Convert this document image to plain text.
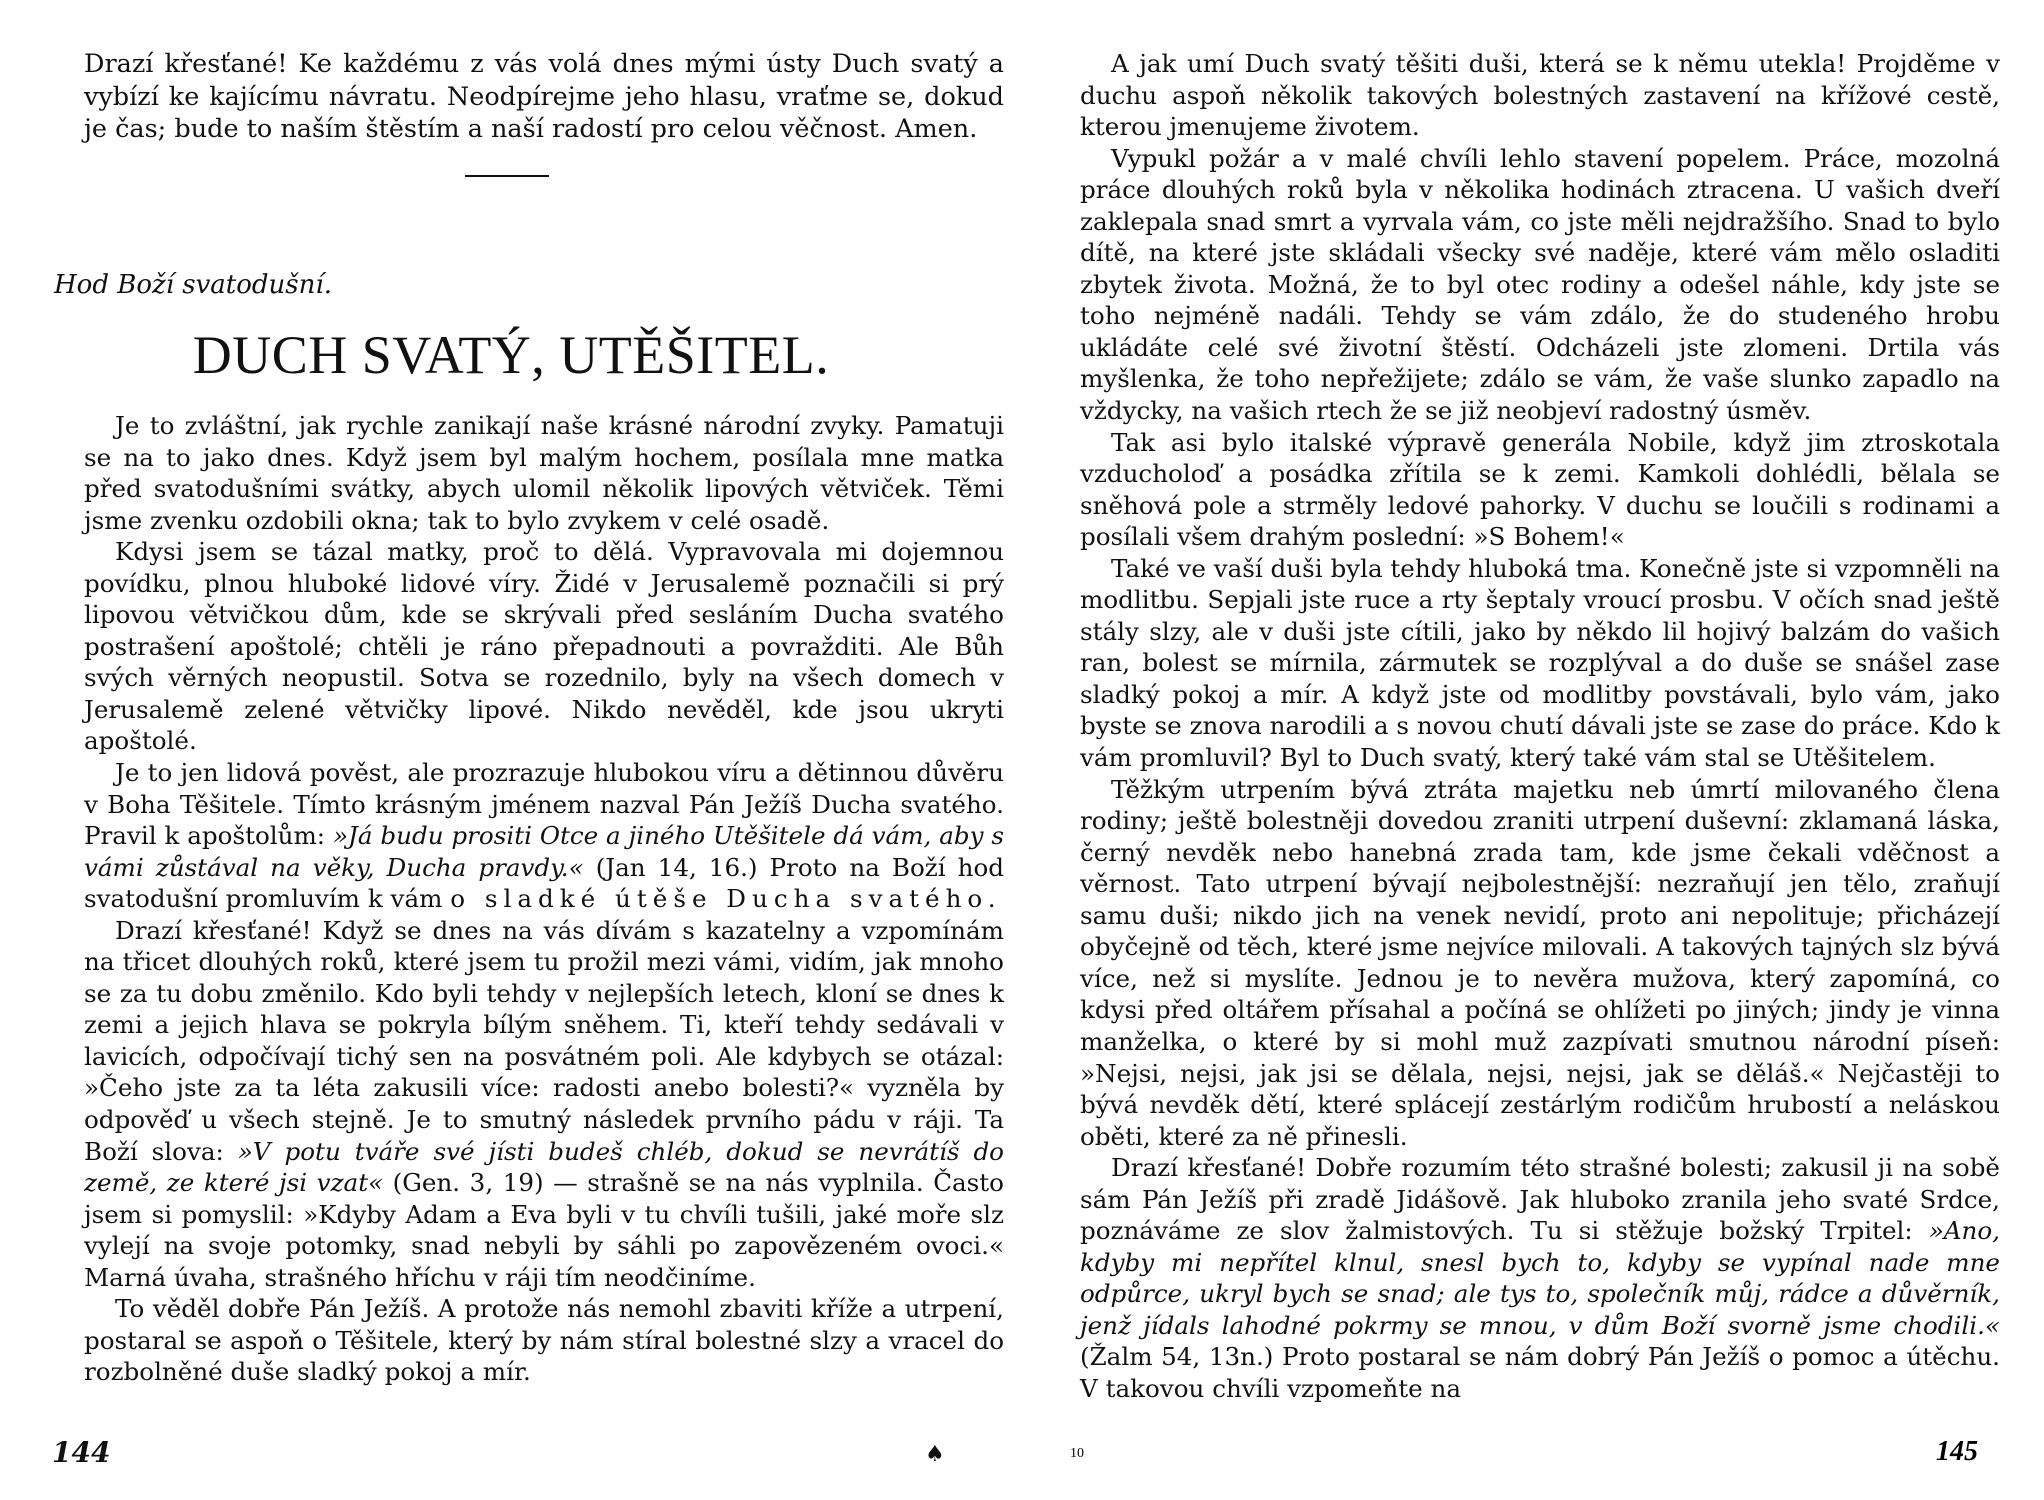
Drazí křesťané! Ke každému z vás volá dnes mými ústy Duch svatý a vybízí ke kajícímu návratu. Neodpírejme jeho hlasu, vraťme se, dokud je čas; bude to naším štěstím a naší radostí pro celou věčnost. Amen.

Hod Boží svatodušní.
DUCH SVATÝ, UTĚŠITEL.

Je to zvláštní, jak rychle zanikají naše krásné národní zvyky. Pamatuji se na to jako dnes. Když jsem byl malým hochem, posílala mne matka před svatodušními svátky, abych ulomil několik lipových větviček. Těmi jsme zvenku ozdobili okna; tak to bylo zvykem v celé osadě.

Kdysi jsem se tázal matky, proč to dělá. Vypravovala mi dojemnou povídku, plnou hluboké lidové víry. Židé v Jerusalemě poznačili si prý lipovou větvičkou dům, kde se skrývali před sesláním Ducha svatého postrašení apoštolé; chtěli je ráno přepadnouti a povražditi. Ale Bůh svých věrných neopustil. Sotva se rozednilo, byly na všech domech v Jerusalemě zelené větvičky lipové. Nikdo nevěděl, kde jsou ukryti apoštolé.

Je to jen lidová pověst, ale prozrazuje hlubokou víru a dětinnou důvěru v Boha Těšitele. Tímto krásným jménem nazval Pán Ježíš Ducha svatého. Pravil k apoštolům: »Já budu prositi Otce a jiného Utěšitele dá vám, aby s vámi zůstával na věky, Ducha pravdy.« (Jan 14, 16.) Proto na Boží hod svatodušní promluvím k vám o sladké útěše Ducha svatého.

Drazí křesťané! Když se dnes na vás dívám s kazatelny a vzpomínám na třicet dlouhých roků, které jsem tu prožil mezi vámi, vidím, jak mnoho se za tu dobu změnilo. Kdo byli tehdy v nejlepších letech, kloní se dnes k zemi a jejich hlava se pokryla bílým sněhem. Ti, kteří tehdy sedávali v lavicích, odpočívají tichý sen na posvátném poli. Ale kdybych se otázal: »Čeho jste za ta léta zakusili více: radosti anebo bolesti?« vyzněla by odpověď u všech stejně. Je to smutný následek prvního pádu v ráji. Ta Boží slova: »V potu tváře své jísti budeš chléb, dokud se nevrátíš do země, ze které jsi vzat« (Gen. 3, 19) — strašně se na nás vyplnila. Často jsem si pomyslil: »Kdyby Adam a Eva byli v tu chvíli tušili, jaké moře slz vylejí na svoje potomky, snad nebyli by sáhli po zapovězeném ovoci.« Marná úvaha, strašného hříchu v ráji tím neodčiníme.

To věděl dobře Pán Ježíš. A protože nás nemohl zbaviti kříže a utrpení, postaral se aspoň o Těšitele, který by nám stíral bolestné slzy a vracel do rozbolněné duše sladký pokoj a mír.

144	♠

A jak umí Duch svatý těšiti duši, která se k němu utekla! Projděme v duchu aspoň několik takových bolestných zastavení na křížové cestě, kterou jmenujeme životem.

Vypukl požár a v malé chvíli lehlo stavení popelem. Práce, mozolná práce dlouhých roků byla v několika hodinách ztracena. U vašich dveří zaklepala snad smrt a vyrvala vám, co jste měli nejdražšího. Snad to bylo dítě, na které jste skládali všecky své naděje, které vám mělo osladiti zbytek života. Možná, že to byl otec rodiny a odešel náhle, kdy jste se toho nejméně nadáli. Tehdy se vám zdálo, že do studeného hrobu ukládáte celé své životní štěstí. Odcházeli jste zlomeni. Drtila vás myšlenka, že toho nepřežijete; zdálo se vám, že vaše slunko zapadlo na vždycky, na vašich rtech že se již neobjeví radostný úsměv.

Tak asi bylo italské výpravě generála Nobile, když jim ztroskotala vzducholoď a posádka zřítila se k zemi. Kamkoli dohlédli, bělala se sněhová pole a strměly ledové pahorky. V duchu se loučili s rodinami a posílali všem drahým poslední: »S Bohem!«

Také ve vaší duši byla tehdy hluboká tma. Konečně jste si vzpomněli na modlitbu. Sepjali jste ruce a rty šeptaly vroucí prosbu. V očích snad ještě stály slzy, ale v duši jste cítili, jako by někdo lil hojivý balzám do vašich ran, bolest se mírnila, zármutek se rozplýval a do duše se snášel zase sladký pokoj a mír. A když jste od modlitby povstávali, bylo vám, jako byste se znova narodili a s novou chutí dávali jste se zase do práce. Kdo k vám promluvil? Byl to Duch svatý, který také vám stal se Utěšitelem.

Těžkým utrpením bývá ztráta majetku neb úmrtí milovaného člena rodiny; ještě bolestněji dovedou zraniti utrpení duševní: zklamaná láska, černý nevděk nebo hanebná zrada tam, kde jsme čekali vděčnost a věrnost. Tato utrpení bývají nejbolestnější: nezraňují jen tělo, zraňují samu duši; nikdo jich na venek nevidí, proto ani nepolituje; přicházejí obyčejně od těch, které jsme nejvíce milovali. A takových tajných slz bývá více, než si myslíte. Jednou je to nevěra mužova, který zapomíná, co kdysi před oltářem přísahal a počíná se ohlížeti po jiných; jindy je vinna manželka, o které by si mohl muž zazpívati smutnou národní píseň: »Nejsi, nejsi, jak jsi se dělala, nejsi, nejsi, jak se děláš.« Nejčastěji to bývá nevděk dětí, které splácejí zestárlým rodičům hrubostí a neláskou oběti, které za ně přinesli.

Drazí křesťané! Dobře rozumím této strašné bolesti; zakusil ji na sobě sám Pán Ježíš při zradě Jidášově. Jak hluboko zranila jeho svaté Srdce, poznáváme ze slov žalmistových. Tu si stěžuje božský Trpitel: »Ano, kdyby mi nepřítel klnul, snesl bych to, kdyby se vypínal nade mne odpůrce, ukryl bych se snad; ale tys to, společník můj, rádce a důvěrník, jenž jídals lahodné pokrmy se mnou, v dům Boží svorně jsme chodili.« (Žalm 54, 13n.) Proto postaral se nám dobrý Pán Ježíš o pomoc a útěchu. V takovou chvíli vzpomeňte na

10	145
